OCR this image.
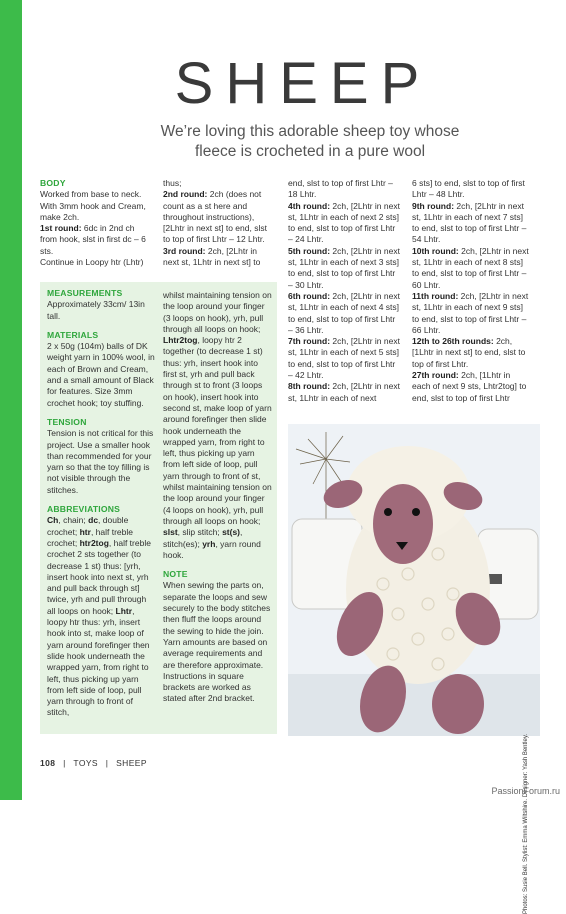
SHEEP
We’re loving this adorable sheep toy whose
fleece is crocheted in a pure wool

BODY

Worked from base to neck. With 3mm hook and Cream, make 2ch.

1st round: 6dc in 2nd ch from hook, slst in first dc – 6 sts.

Continue in Loopy htr (Lhtr)

MEASUREMENTS

Approximately 33cm/ 13in tall.

MATERIALS

2 x 50g (104m) balls of DK weight yarn in 100% wool, in each of Brown and Cream, and a small amount of Black for features. Size 3mm crochet hook; toy stuffing.

TENSION

Tension is not critical for this project. Use a smaller hook than recommended for your yarn so that the toy filling is not visible through the stitches.

ABBREVIATIONS

Ch, chain; dc, double crochet; htr, half treble crochet; htr2tog, half treble crochet 2 sts together (to decrease 1 st) thus: [yrh, insert hook into next st, yrh and pull back through st] twice, yrh and pull through all loops on hook; Lhtr, loopy htr thus: yrh, insert hook into st, make loop of yarn around forefinger then slide hook underneath the wrapped yarn, from right to left, thus picking up yarn from left side of loop, pull yarn through to front of stitch,

whilst maintaining tension on the loop around your finger (3 loops on hook), yrh, pull through all loops on hook; Lhtr2tog, loopy htr 2 together (to decrease 1 st) thus: yrh, insert hook into first st, yrh and pull back through st to front (3 loops on hook), insert hook into second st, make loop of yarn around forefinger then slide hook underneath the wrapped yarn, from right to left, thus picking up yarn from left side of loop, pull yarn through to front of st, whilst maintaining tension on the loop around your finger (4 loops on hook), yrh, pull through all loops on hook; slst, slip stitch; st(s), stitch(es); yrh, yarn round hook.

NOTE

When sewing the parts on, separate the loops and sew securely to the body stitches then fluff the loops around the sewing to hide the join. Yarn amounts are based on average requirements and are therefore approximate. Instructions in square brackets are worked as stated after 2nd bracket.

thus;

2nd round: 2ch (does not count as a st here and throughout instructions), [2Lhtr in next st] to end, slst to top of first Lhtr – 12 Lhtr.

3rd round: 2ch, [2Lhtr in next st, 1Lhtr in next st] to

end, slst to top of first Lhtr – 18 Lhtr.

4th round: 2ch, [2Lhtr in next st, 1Lhtr in each of next 2 sts] to end, slst to top of first Lhtr – 24 Lhtr.

5th round: 2ch, [2Lhtr in next st, 1Lhtr in each of next 3 sts] to end, slst to top of first Lhtr – 30 Lhtr.

6th round: 2ch, [2Lhtr in next st, 1Lhtr in each of next 4 sts] to end, slst to top of first Lhtr – 36 Lhtr.

7th round: 2ch, [2Lhtr in next st, 1Lhtr in each of next 5 sts] to end, slst to top of first Lhtr – 42 Lhtr.

8th round: 2ch, [2Lhtr in next st, 1Lhtr in each of next

6 sts] to end, slst to top of first Lhtr – 48 Lhtr.

9th round: 2ch, [2Lhtr in next st, 1Lhtr in each of next 7 sts] to end, slst to top of first Lhtr – 54 Lhtr.

10th round: 2ch, [2Lhtr in next st, 1Lhtr in each of next 8 sts] to end, slst to top of first Lhtr – 60 Lhtr.

11th round: 2ch, [2Lhtr in next st, 1Lhtr in each of next 9 sts] to end, slst to top of first Lhtr – 66 Lhtr.

12th to 26th rounds: 2ch, [1Lhtr in next st] to end, slst to top of first Lhtr.

27th round: 2ch, [1Lhtr in each of next 9 sts, Lhtr2tog] to end, slst to top of first Lhtr

Photos: Susie Bell. Stylist: Emma Wiltshire. Designer: Yash Bentley.
108 | TOYS | SHEEP
PassionForum.ru
